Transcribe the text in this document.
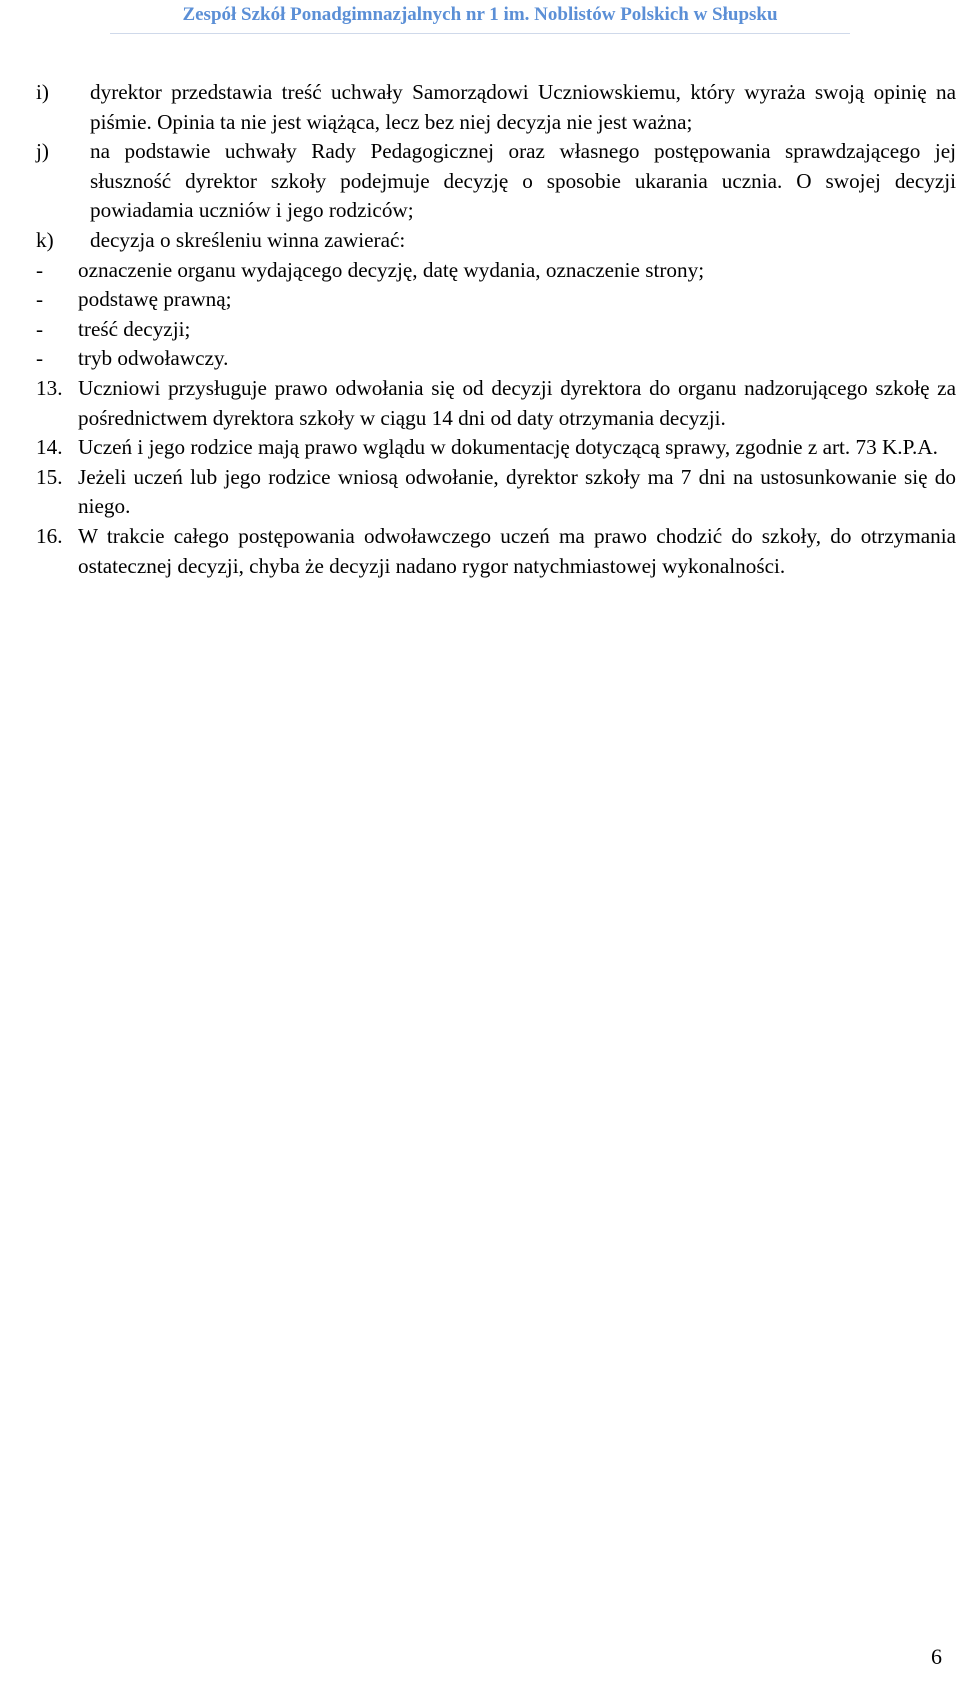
Zespół Szkół Ponadgimnazjalnych nr 1 im. Noblistów Polskich w Słupsku
i)	dyrektor przedstawia treść uchwały Samorządowi Uczniowskiemu, który wyraża swoją opinię na piśmie. Opinia ta nie jest wiążąca, lecz bez niej decyzja nie jest ważna;
j)	na podstawie uchwały Rady Pedagogicznej oraz własnego postępowania sprawdzającego jej słuszność dyrektor szkoły podejmuje decyzję o sposobie ukarania ucznia. O swojej decyzji powiadamia uczniów i jego rodziców;
k)	decyzja o skreśleniu winna zawierać:
-	oznaczenie organu wydającego decyzję, datę wydania, oznaczenie strony;
-	podstawę prawną;
-	treść decyzji;
-	tryb odwoławczy.
13. Uczniowi przysługuje prawo odwołania się od decyzji dyrektora do organu nadzorującego szkołę za pośrednictwem dyrektora szkoły w ciągu 14 dni od daty otrzymania decyzji.
14. Uczeń i jego rodzice mają prawo wglądu w dokumentację dotyczącą sprawy, zgodnie z art. 73 K.P.A.
15. Jeżeli uczeń lub jego rodzice wniosą odwołanie, dyrektor szkoły ma 7 dni na ustosunkowanie się do niego.
16. W trakcie całego postępowania odwoławczego uczeń ma prawo chodzić do szkoły, do otrzymania ostatecznej decyzji, chyba że decyzji nadano rygor natychmiastowej wykonalności.
6
